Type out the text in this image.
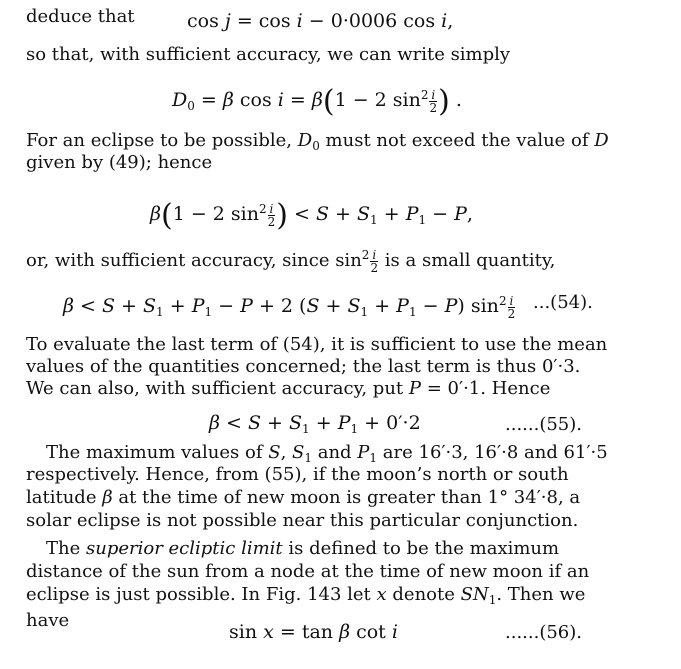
deduce that	cos j = cos i − 0·0006 cos i,
so that, with sufficient accuracy, we can write simply
$D_0 = \beta$ cos i = β(1 − 2 $\sin^2 \frac{i}{2}$ ) .
For an eclipse to be possible, $D_0$ must not exceed the value of D
given by (49); hence
β(1 − 2 $\sin^2 \frac{i}{2}$ ) < $S + S_1 + P_1 - P$,
or, with sufficient accuracy, since $\sin^2 \frac{i}{2}$ is a small quantity,
$\beta < S + S_1 + P_1 - P + 2$ $(S + S_1 + P_1 - P)$ $\sin^2 \frac{i}{2} ...(54)$.
To evaluate the last term of (54), it is sufficient to use the mean
values of the quantities concerned; the last term is thus 0′·3.
We can also, with sufficient accuracy, put P = 0′·1. Hence
$\beta < S + S_1 + P_1 + 0'\cdot 2$	......(55).
The maximum values of S, $S_1$ and $P_1$ are 16′·3, 16′·8 and 61′·5
respectively. Hence, from (55), if the moon’s north or south
latitude β at the time of new moon is greater than 1° 34′·8, a
solar eclipse is not possible near this particular conjunction.
The superior ecliptic limit is defined to be the maximum
distance of the sun from a node at the time of new moon if an
eclipse is just possible. In Fig. 143 let x denote $SN_1$. Then we
have
sin x = tan β cot i	......(56).
